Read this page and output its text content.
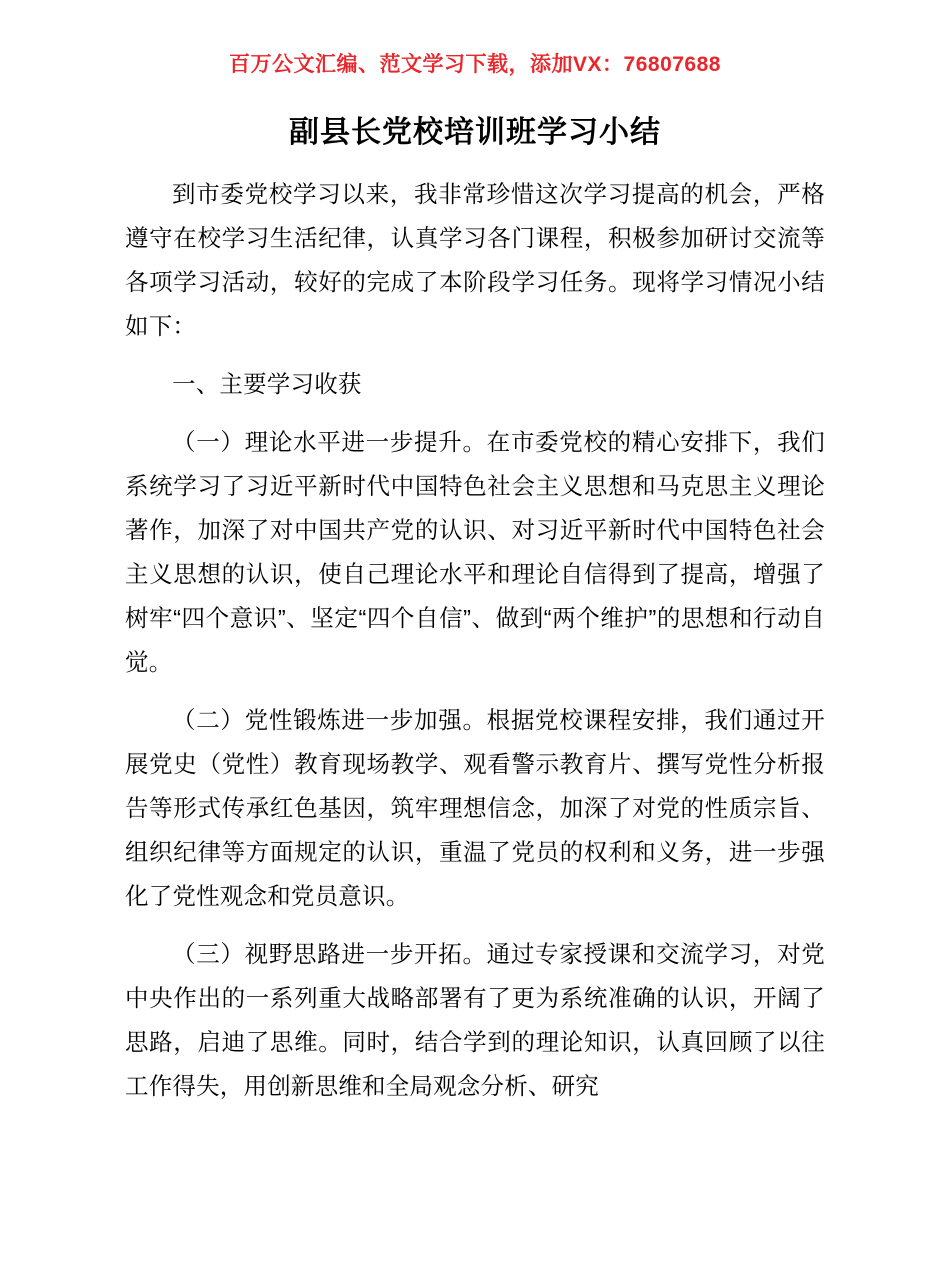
百万公文汇编、范文学习下载，添加VX：76807688
副县长党校培训班学习小结

到市委党校学习以来，我非常珍惜这次学习提高的机会，严格遵守在校学习生活纪律，认真学习各门课程，积极参加研讨交流等各项学习活动，较好的完成了本阶段学习任务。现将学习情况小结如下：

一、主要学习收获

（一）理论水平进一步提升。在市委党校的精心安排下，我们系统学习了习近平新时代中国特色社会主义思想和马克思主义理论著作，加深了对中国共产党的认识、对习近平新时代中国特色社会主义思想的认识，使自己理论水平和理论自信得到了提高，增强了树牢“四个意识”、坚定“四个自信”、做到“两个维护”的思想和行动自觉。

（二）党性锻炼进一步加强。根据党校课程安排，我们通过开展党史（党性）教育现场教学、观看警示教育片、撰写党性分析报告等形式传承红色基因，筑牢理想信念，加深了对党的性质宗旨、组织纪律等方面规定的认识，重温了党员的权利和义务，进一步强化了党性观念和党员意识。

（三）视野思路进一步开拓。通过专家授课和交流学习，对党中央作出的一系列重大战略部署有了更为系统准确的认识，开阔了思路，启迪了思维。同时，结合学到的理论知识，认真回顾了以往工作得失，用创新思维和全局观念分析、研究
